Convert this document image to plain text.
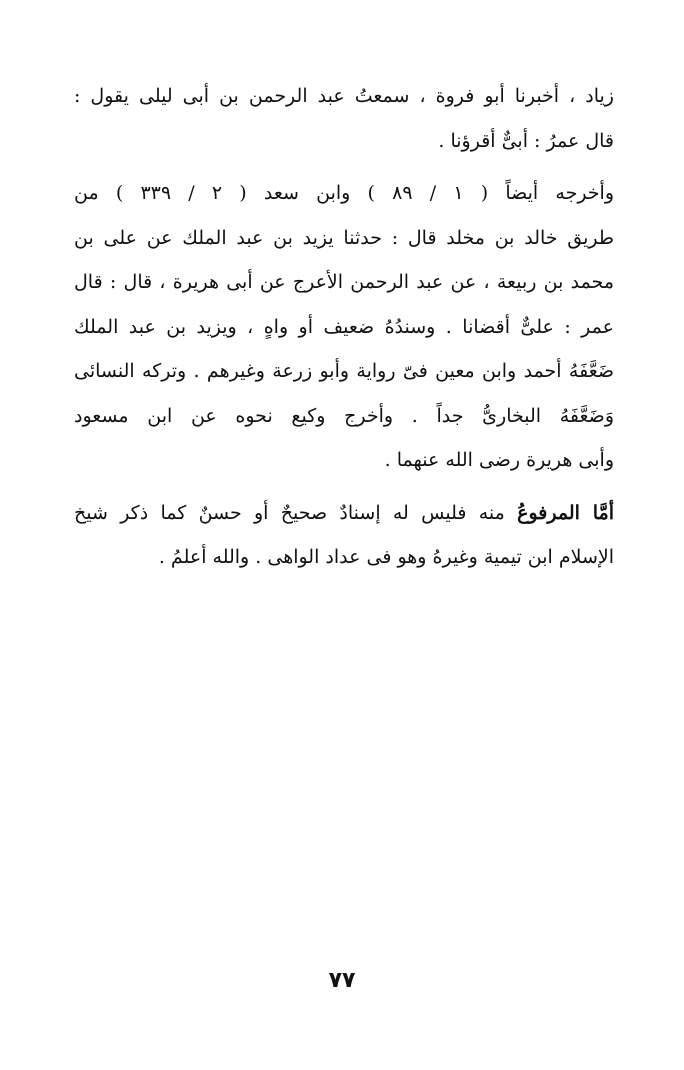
زياد ، أخبرنا أبو فروة ، سمعتُ عبد الرحمن بن أبى ليلى يقول :
قال عمرُ : أبىٌّ أقرؤنا .
وأخرجه أيضاً ( ١ / ٨٩ ) وابن سعد ( ٢ / ٣٣٩ ) من
طريق خالد بن مخلد قال : حدثنا يزيد بن عبد الملك عن على بن
محمد بن ربيعة ، عن عبد الرحمن الأعرج عن أبى هريرة ، قال : قال
عمر : علىٌّ أقضانا . وسندُهُ ضعيف أو واهٍ ، ويزيد بن عبد الملك
ضَعَّفَهُ أحمد وابن معين فىّ رواية وأبو زرعة وغيرهم . وتركه النسائى
وَضَعَّفَهُ البخارىُّ جداً . وأخرج وكيع نحوه عن ابن مسعود
وأبى هريرة رضى الله عنهما .
أمَّا المرفوعُ منه فليس له إسنادٌ صحيحٌ أو حسنٌ كما ذكر شيخ
الإسلام ابن تيمية وغيرهُ وهو فى عداد الواهى . والله أعلمُ .
٧٧
